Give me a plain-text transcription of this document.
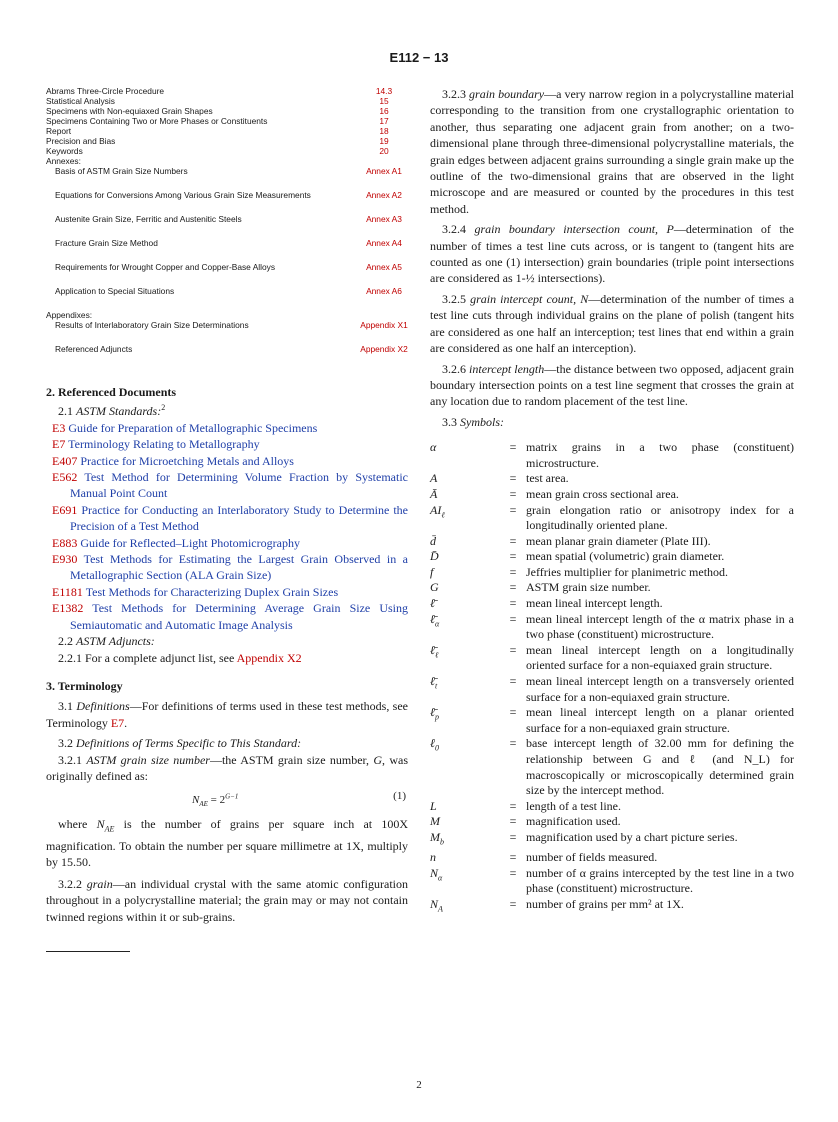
E112 − 13
Abrams Three-Circle Procedure	14.3
Statistical Analysis	15
Specimens with Non-equiaxed Grain Shapes	16
Specimens Containing Two or More Phases or Constituents	17
Report	18
Precision and Bias	19
Keywords	20
Annexes:	
Basis of ASTM Grain Size Numbers	Annex A1
Equations for Conversions Among Various Grain Size Measurements	Annex A2
Austenite Grain Size, Ferritic and Austenitic Steels	Annex A3
Fracture Grain Size Method	Annex A4
Requirements for Wrought Copper and Copper-Base Alloys	Annex A5
Application to Special Situations	Annex A6
Appendixes:	
Results of Interlaboratory Grain Size Determinations	Appendix X1
Referenced Adjuncts	Appendix X2

2. Referenced Documents

2.1 ASTM Standards:$^2$

E3 Guide for Preparation of Metallographic Specimens

E7 Terminology Relating to Metallography

E407 Practice for Microetching Metals and Alloys

E562 Test Method for Determining Volume Fraction by Systematic Manual Point Count

E691 Practice for Conducting an Interlaboratory Study to Determine the Precision of a Test Method

E883 Guide for Reflected–Light Photomicrography

E930 Test Methods for Estimating the Largest Grain Observed in a Metallographic Section (ALA Grain Size)

E1181 Test Methods for Characterizing Duplex Grain Sizes

E1382 Test Methods for Determining Average Grain Size Using Semiautomatic and Automatic Image Analysis

2.2 ASTM Adjuncts:

2.2.1 For a complete adjunct list, see Appendix X2

3. Terminology

3.1 Definitions—For definitions of terms used in these test methods, see Terminology E7.

3.2 Definitions of Terms Specific to This Standard:

3.2.1 ASTM grain size number—the ASTM grain size number, G, was originally defined as:

$N_{AE} = 2^{G-1}$	(1)

where $N_{AE}$ is the number of grains per square inch at 100X magnification. To obtain the number per square millimetre at 1X, multiply by 15.50.

3.2.2 grain—an individual crystal with the same atomic configuration throughout in a polycrystalline material; the grain may or may not contain twinned regions within it or sub-grains.

3.2.3 grain boundary—a very narrow region in a polycrystalline material corresponding to the transition from one crystallographic orientation to another, thus separating one adjacent grain from another; on a two-dimensional plane through three-dimensional polycrystalline materials, the grain edges between adjacent grains surrounding a single grain make up the outline of the two-dimensional grains that are observed in the light microscope and are measured or counted by the procedures in this test method.

3.2.4 grain boundary intersection count, P—determination of the number of times a test line cuts across, or is tangent to (tangent hits are counted as one (1) intersection) grain boundaries (triple point intersections are considered as 1-½ intersections).

3.2.5 grain intercept count, N—determination of the number of times a test line cuts through individual grains on the plane of polish (tangent hits are considered as one half an interception; test lines that end within a grain are considered as one half an interception).

3.2.6 intercept length—the distance between two opposed, adjacent grain boundary intersection points on a test line segment that crosses the grain at any location due to random placement of the test line.

3.3 Symbols:

α	= matrix grains in a two phase (constituent) microstructure.
A	= test area.
Ā	= mean grain cross sectional area.
$AI_\ell$	= grain elongation ratio or anisotropy index for a longitudinally oriented plane.
d̄	= mean planar grain diameter (Plate III).
D̄	= mean spatial (volumetric) grain diameter.
f	= Jeffries multiplier for planimetric method.
G	= ASTM grain size number.
ℓ̄	= mean lineal intercept length.
$\ell̄_\alpha$	= mean lineal intercept length of the α matrix phase in a two phase (constituent) microstructure.
$\ell̄_\ell$	= mean lineal intercept length on a longitudinally oriented surface for a non-equiaxed grain structure.
$\ell̄_t$	= mean lineal intercept length on a transversely oriented surface for a non-equiaxed grain structure.
$\ell̄_p$	= mean lineal intercept length on a planar oriented surface for a non-equiaxed grain structure.
ℓ$_0$	= base intercept length of 32.00 mm for defining the relationship between G and ℓ (and N_L) for macroscopically or microscopically determined grain size by the intercept method.
L	= length of a test line.
M	= magnification used.
$M_b$	= magnification used by a chart picture series.
n	= number of fields measured.
$N_\alpha$	= number of α grains intercepted by the test line in a two phase (constituent) microstructure.
$N_A$	= number of grains per mm² at 1X.
2
